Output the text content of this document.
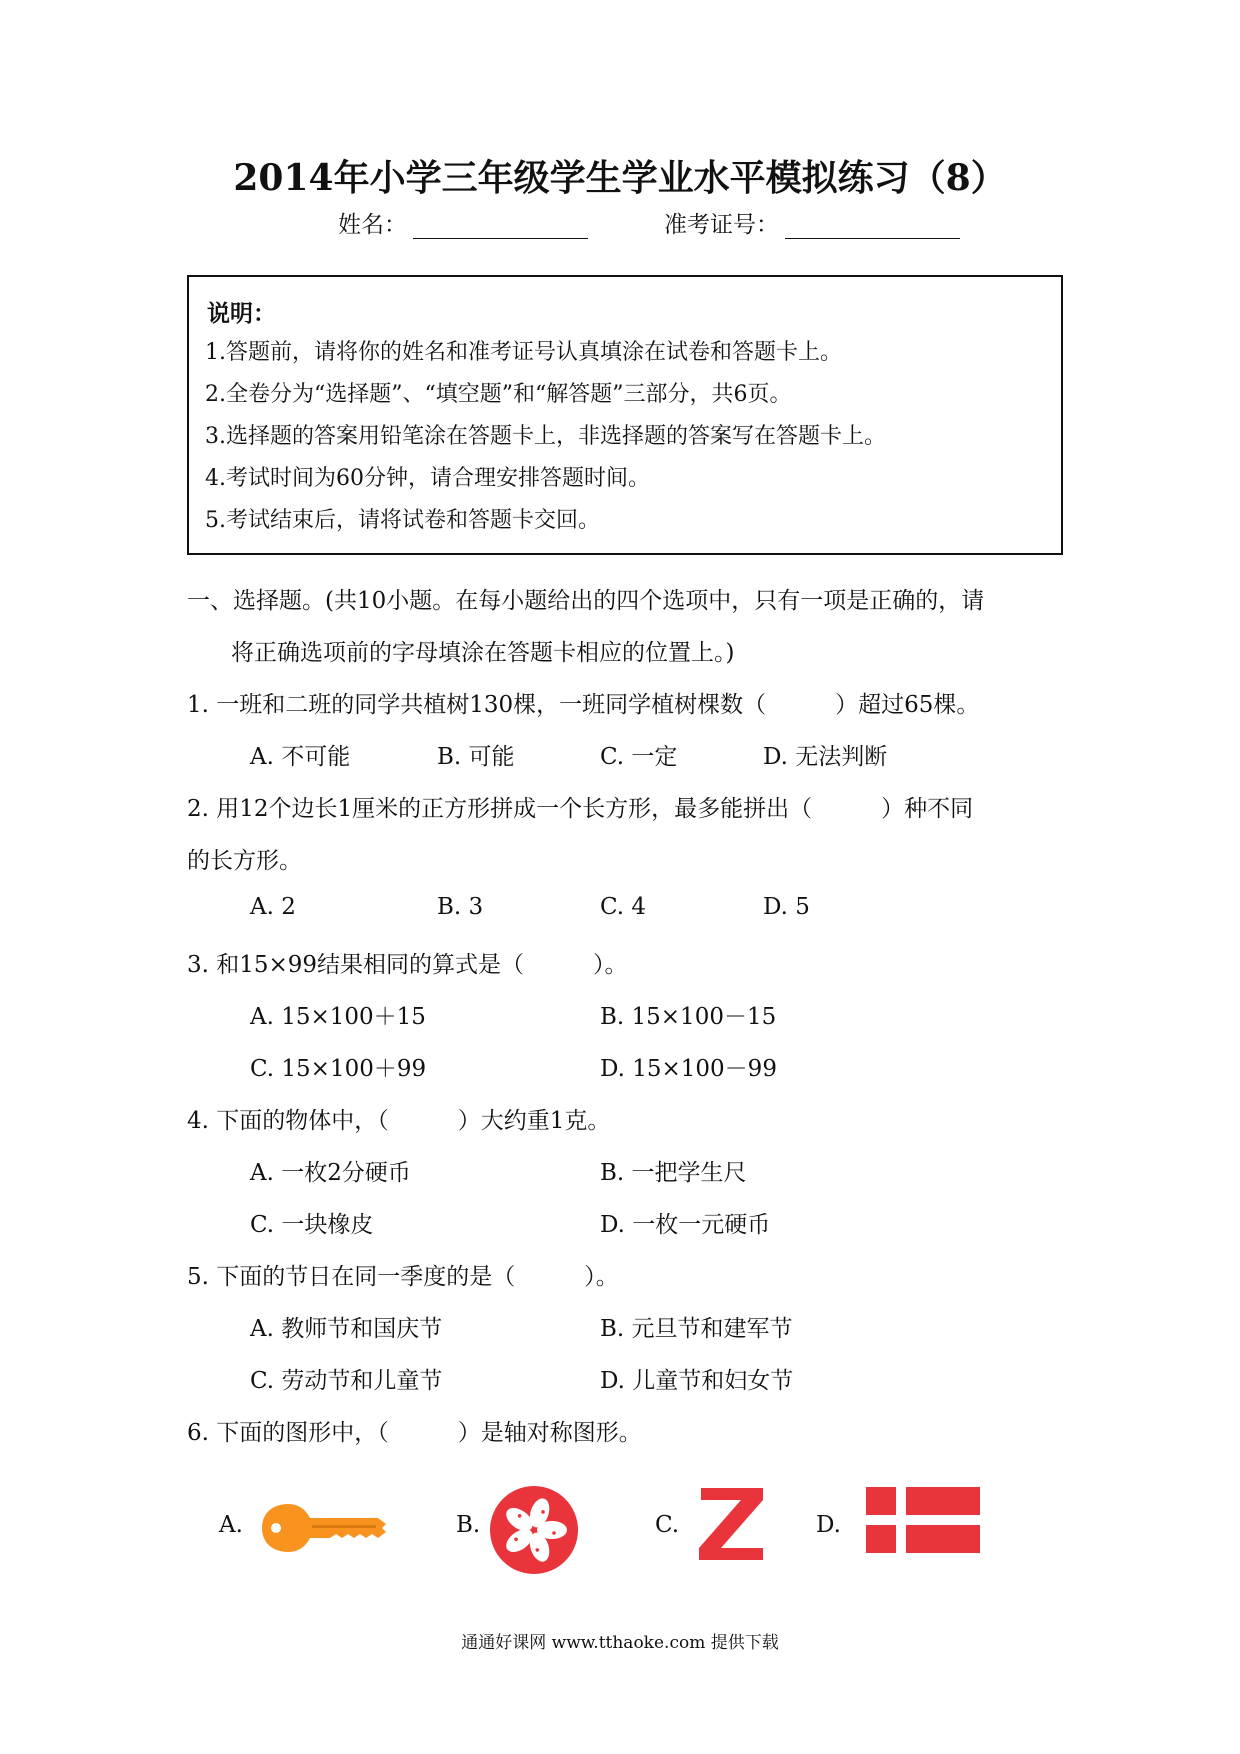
2014年小学三年级学生学业水平模拟练习（8）
姓名：	准考证号：
说明：
1.答题前，请将你的姓名和准考证号认真填涂在试卷和答题卡上。
2.全卷分为“选择题”、“填空题”和“解答题”三部分，共6页。
3.选择题的答案用铅笔涂在答题卡上，非选择题的答案写在答题卡上。
4.考试时间为60分钟，请合理安排答题时间。
5.考试结束后，请将试卷和答题卡交回。
一、选择题。(共10小题。在每小题给出的四个选项中，只有一项是正确的，请
将正确选项前的字母填涂在答题卡相应的位置上。)
1. 一班和二班的同学共植树130棵，一班同学植树棵数（　　　）超过65棵。
A. 不可能	B. 可能	C. 一定	D. 无法判断
2. 用12个边长1厘米的正方形拼成一个长方形，最多能拼出（　　　）种不同
的长方形。
A. 2	B. 3	C. 4	D. 5
3. 和15×99结果相同的算式是（　　　）。
A. 15×100＋15	B. 15×100－15
C. 15×100＋99	D. 15×100－99
4. 下面的物体中，（　　　）大约重1克。
A. 一枚2分硬币	B. 一把学生尺
C. 一块橡皮	D. 一枚一元硬币
5. 下面的节日在同一季度的是（　　　）。
A. 教师节和国庆节	B. 元旦节和建军节
C. 劳动节和儿童节	D. 儿童节和妇女节
6. 下面的图形中，（　　　）是轴对称图形。
A.	B.	C.	D.
通通好课网 www.tthaoke.com 提供下载
